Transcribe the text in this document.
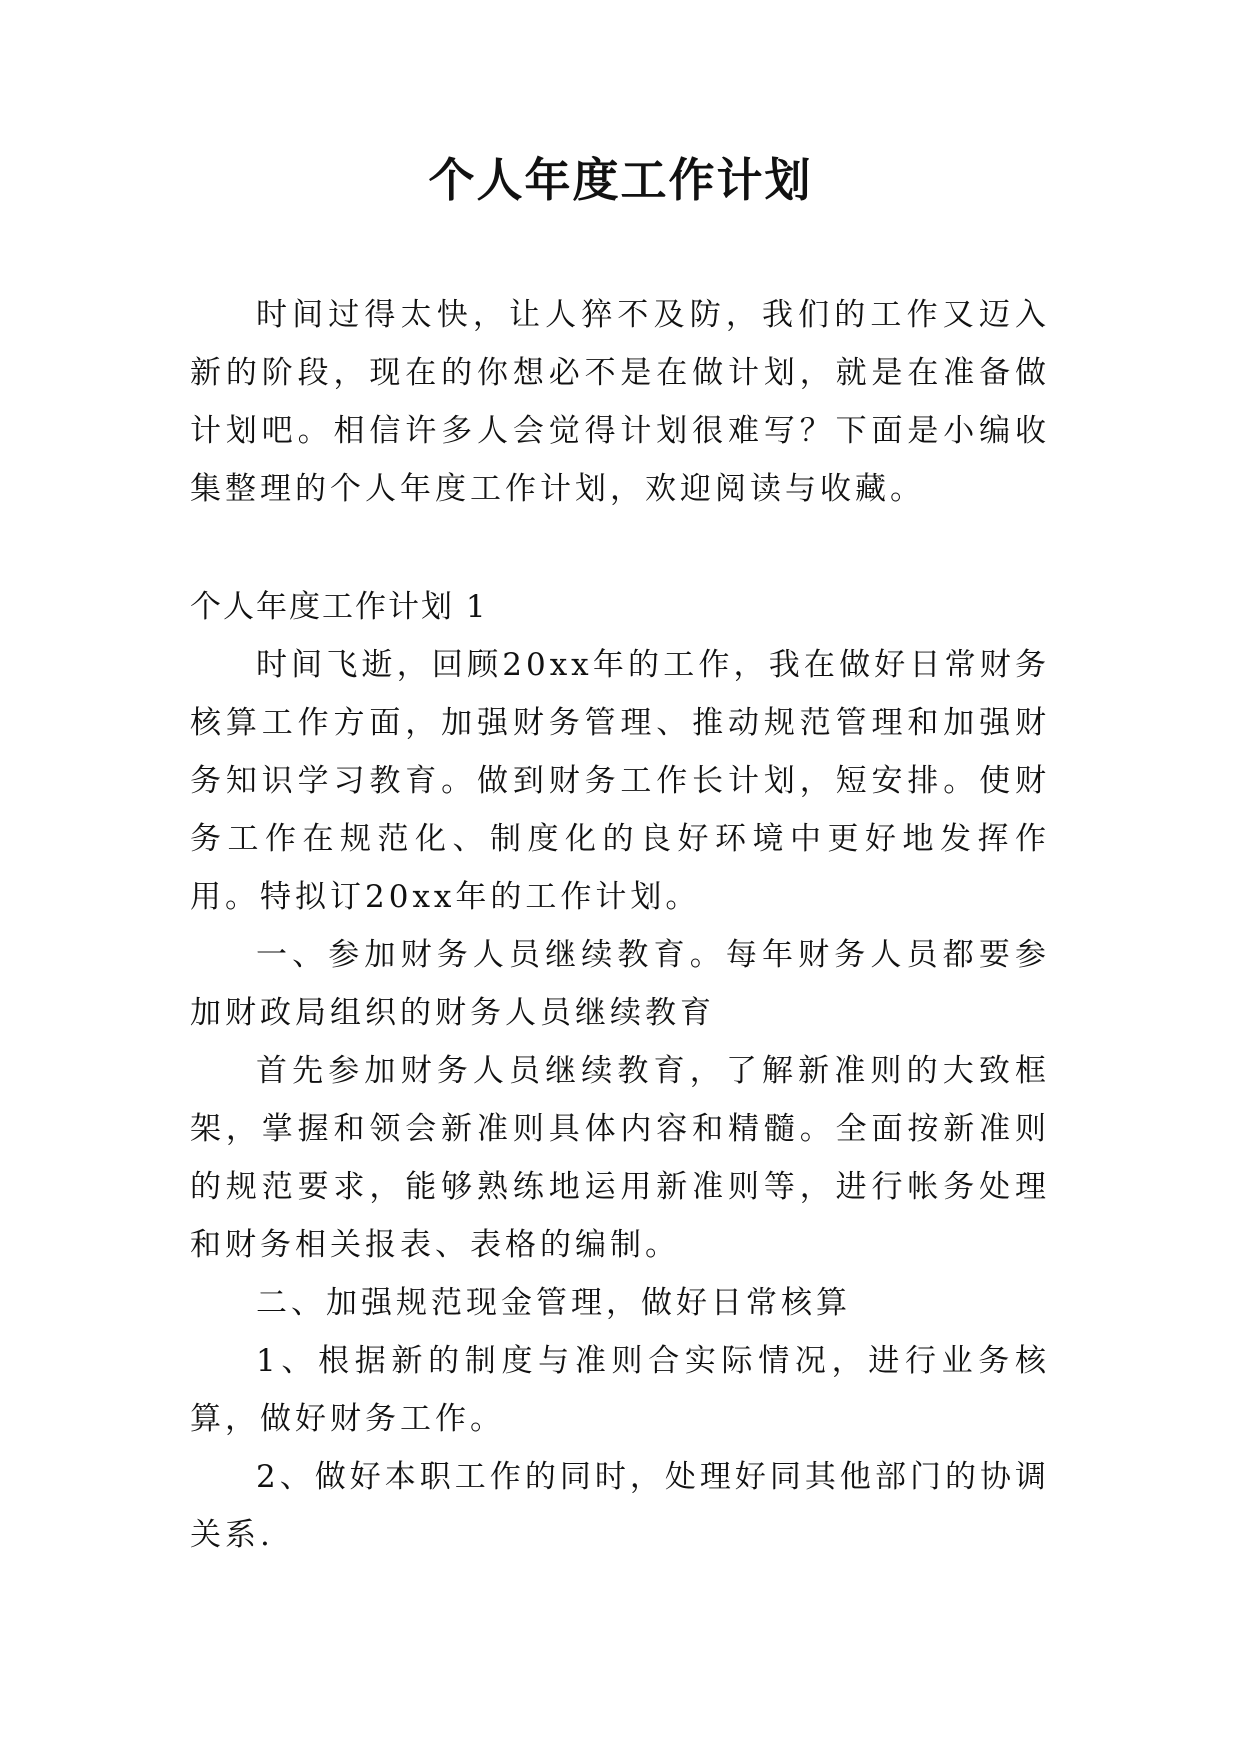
个人年度工作计划

时间过得太快，让人猝不及防，我们的工作又迈入新的阶段，现在的你想必不是在做计划，就是在准备做计划吧。相信许多人会觉得计划很难写？下面是小编收集整理的个人年度工作计划，欢迎阅读与收藏。

个人年度工作计划 1

时间飞逝，回顾20xx年的工作，我在做好日常财务核算工作方面，加强财务管理、推动规范管理和加强财务知识学习教育。做到财务工作长计划，短安排。使财务工作在规范化、制度化的良好环境中更好地发挥作用。特拟订20xx年的工作计划。

一、参加财务人员继续教育。每年财务人员都要参加财政局组织的财务人员继续教育

首先参加财务人员继续教育，了解新准则的大致框架，掌握和领会新准则具体内容和精髓。全面按新准则的规范要求，能够熟练地运用新准则等，进行帐务处理和财务相关报表、表格的编制。

二、加强规范现金管理，做好日常核算

1、根据新的制度与准则合实际情况，进行业务核算，做好财务工作。

2、做好本职工作的同时，处理好同其他部门的协调关系.
